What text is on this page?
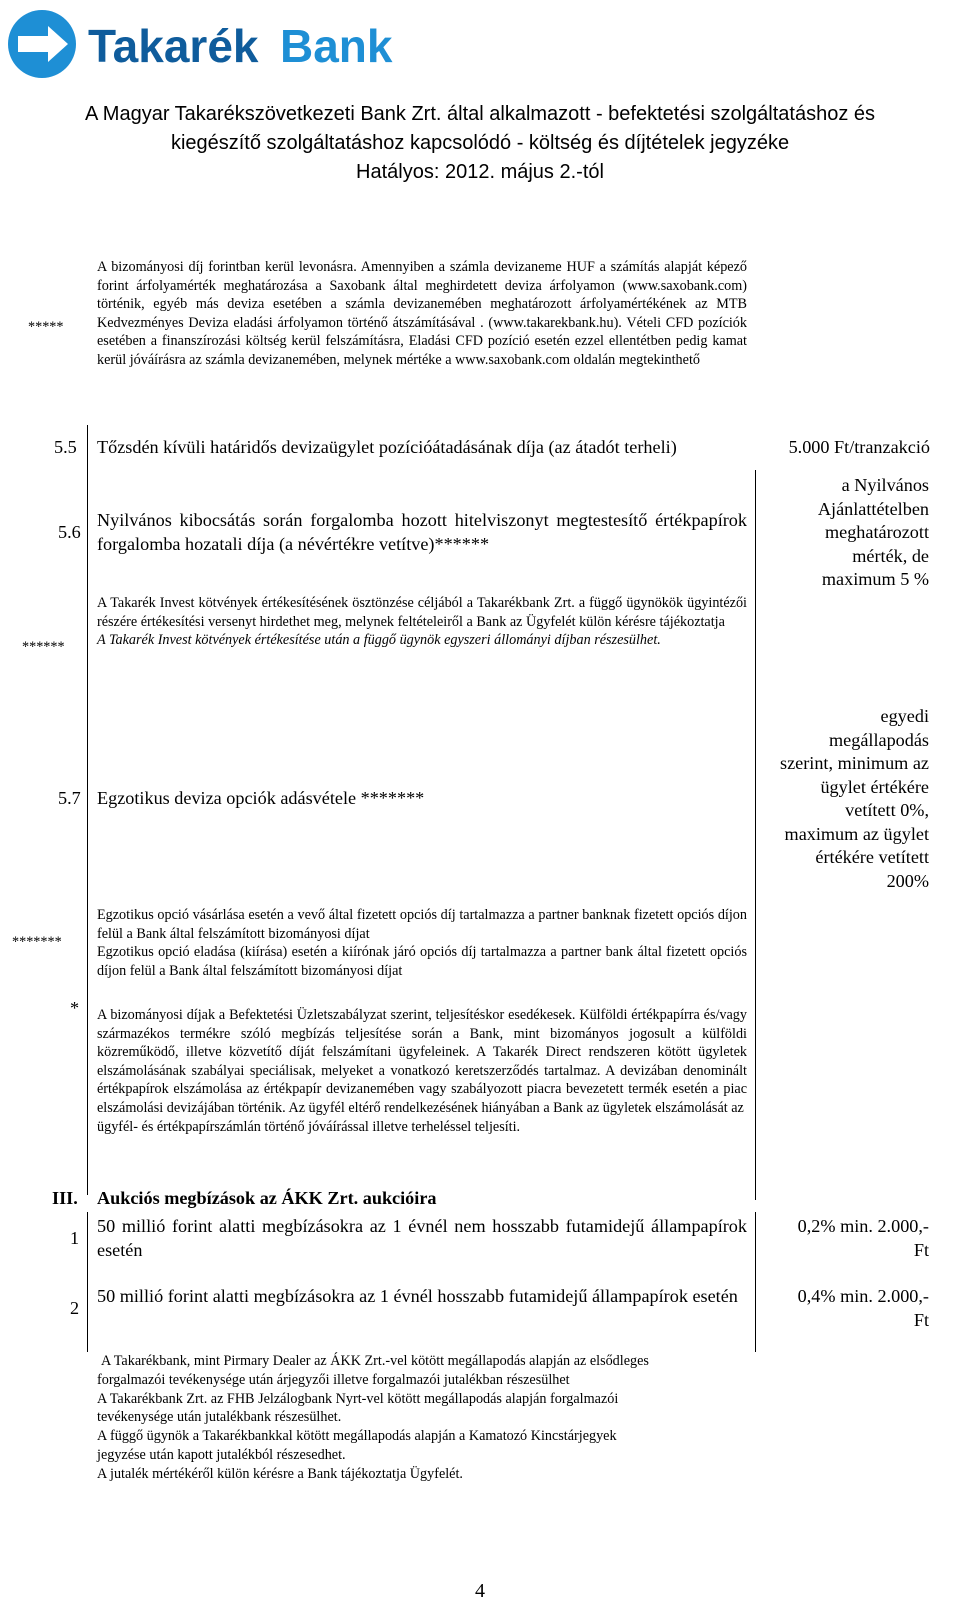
Takarék Bank
A Magyar Takarékszövetkezeti Bank Zrt. által alkalmazott - befektetési szolgáltatáshoz és
kiegészítő szolgáltatáshoz kapcsolódó - költség és díjtételek jegyzéke
Hatályos: 2012. május 2.-tól
*****
A bizományosi díj forintban kerül levonásra. Amennyiben a számla devizaneme HUF a számítás alapját képező forint árfolyamérték meghatározása a Saxobank által meghirdetett deviza árfolyamon (www.saxobank.com) történik, egyéb más deviza esetében a számla devizanemében meghatározott árfolyamértékének az MTB Kedvezményes Deviza eladási árfolyamon történő átszámításával . (www.takarekbank.hu). Vételi CFD pozíciók esetében a finanszírozási költség kerül felszámításra, Eladási CFD pozíció esetén ezzel ellentétben pedig kamat kerül jóváírásra az számla devizanemében, melynek mértéke a www.saxobank.com oldalán megtekinthető
5.5 Tőzsdén kívüli határidős devizaügylet pozícióátadásának díja (az átadót terheli)	5.000 Ft/tranzakció
5.6
Nyilvános kibocsátás során forgalomba hozott hitelviszonyt megtestesítő értékpapírok forgalomba hozatali díja (a névértékre vetítve)******
a Nyilvános
Ajánlattételben
meghatározott
mérték, de
maximum 5 %
******
A Takarék Invest kötvények értékesítésének ösztönzése céljából a Takarékbank Zrt. a függő ügynökök ügyintézői részére értékesítési versenyt hirdethet meg, melynek feltételeiről a Bank az Ügyfelét külön kérésre tájékoztatja
A Takarék Invest kötvények értékesítése után a függő ügynök egyszeri állományi díjban részesülhet.
5.7 Egzotikus deviza opciók adásvétele *******
egyedi
megállapodás
szerint, minimum az
ügylet értékére
vetített 0%,
maximum az ügylet
értékére vetített
200%
*******
Egzotikus opció vásárlása esetén a vevő által fizetett opciós díj tartalmazza a partner banknak fizetett opciós díjon felül a Bank által felszámított bizományosi díjat
Egzotikus opció eladása (kiírása) esetén a kiírónak járó opciós díj tartalmazza a partner bank által fizetett opciós díjon felül a Bank által felszámított bizományosi díjat
* A bizományosi díjak a Befektetési Üzletszabályzat szerint, teljesítéskor esedékesek. Külföldi értékpapírra és/vagy származékos termékre szóló megbízás teljesítése során a Bank, mint bizományos jogosult a külföldi közreműködő, illetve közvetítő díját felszámítani ügyfeleinek. A Takarék Direct rendszeren kötött ügyletek elszámolásának szabályai speciálisak, melyeket a vonatkozó keretszerződés tartalmaz. A devizában denominált értékpapírok elszámolása az értékpapír devizanemében vagy szabályozott piacra bevezetett termék esetén a piac elszámolási devizájában történik. Az ügyfél eltérő rendelkezésének hiányában a Bank az ügyletek elszámolását az
ügyfél- és értékpapírszámlán történő jóváírással illetve terheléssel teljesíti.
III. Aukciós megbízások az ÁKK Zrt. aukcióira
1
50 millió forint alatti megbízásokra az 1 évnél nem hosszabb futamidejű állampapírok esetén
0,2% min. 2.000,-
Ft
2
50 millió forint alatti megbízásokra az 1 évnél hosszabb futamidejű állampapírok esetén	0,4% min. 2.000,-
Ft
A Takarékbank, mint Pirmary Dealer az ÁKK Zrt.-vel kötött megállapodás alapján az elsődleges
forgalmazói tevékenysége után árjegyzői illetve forgalmazói jutalékban részesülhet
A Takarékbank Zrt. az FHB Jelzálogbank Nyrt-vel kötött megállapodás alapján forgalmazói
tevékenysége után jutalékbank részesülhet.
A függő ügynök a Takarékbankkal kötött megállapodás alapján a Kamatozó Kincstárjegyek
jegyzése után kapott jutalékból részesedhet.
A jutalék mértékéről külön kérésre a Bank tájékoztatja Ügyfelét.
4
